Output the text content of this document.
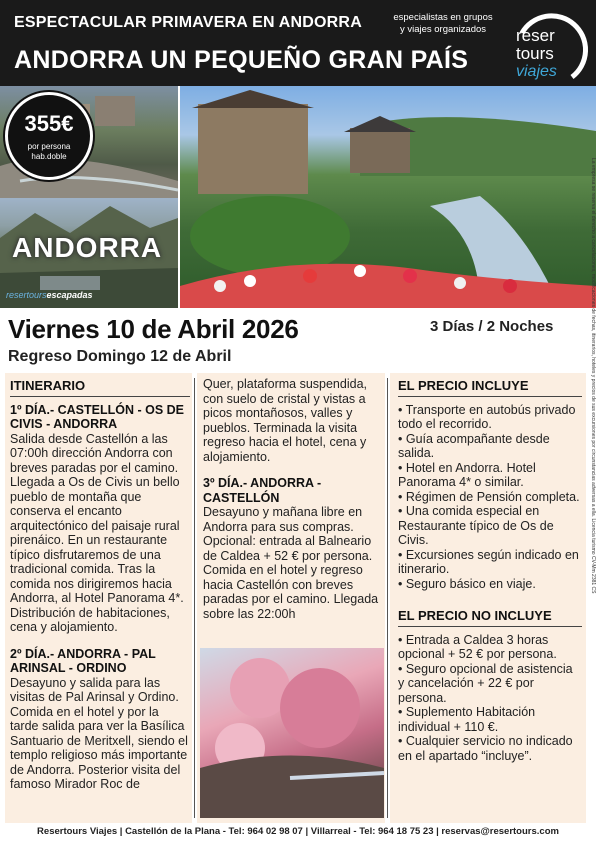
ESPECTACULAR PRIMAVERA EN ANDORRA
ANDORRA UN PEQUEÑO GRAN PAÍS
especialistas en grupos
y viajes organizados	reser
tours
viajes
355€
por persona
hab.doble
ANDORRA
resertoursescapadas
Viernes 10 de Abril 2026	3 Días / 2 Noches
Regreso Domingo 12 de Abril
ITINERARIO
1º DÍA.- CASTELLÓN - OS DE CIVIS - ANDORRA
Salida desde Castellón a las 07:00h dirección Andorra con breves paradas por el camino. Llegada a Os de Civis un bello pueblo de montaña que conserva el encanto arquitectónico del paisaje rural pirenáico. En un restaurante típico disfrutaremos de una tradicional comida. Tras la comida nos dirigiremos hacia Andorra, al Hotel Panorama 4*. Distribución de habitaciones, cena y alojamiento.
2º DÍA.- ANDORRA - PAL ARINSAL - ORDINO
Desayuno y salida para las visitas de Pal Arinsal y Ordino. Comida en el hotel y por la tarde salida para ver la Basílica Santuario de Meritxell, siendo el templo religioso más importante de Andorra. Posterior visita del famoso Mirador Roc de
Quer, plataforma suspendida, con suelo de cristal y vistas a picos montañosos, valles y pueblos. Terminada la visita regreso hacia el hotel, cena y alojamiento.
3º DÍA.- ANDORRA - CASTELLÓN
Desayuno y mañana libre en Andorra para sus compras. Opcional: entrada al Balneario de Caldea + 52 € por persona. Comida en el hotel y regreso hacia Castellón con breves paradas por el camino. Llegada sobre las 22:00h
EL PRECIO INCLUYE
• Transporte en autobús privado todo el recorrido.
• Guía acompañante desde salida.
• Hotel en Andorra. Hotel Panorama 4* o similar.
• Régimen de Pensión completa.
• Una comida especial en Restaurante típico de Os de Civis.
• Excursiones según indicado en itinerario.
• Seguro básico en viaje.
EL PRECIO NO INCLUYE
• Entrada a Caldea 3 horas opcional + 52 € por persona.
• Seguro opcional de asistencia y cancelación + 22 € por persona.
• Suplemento Habitación individual + 110 €.
• Cualquier servicio no indicado en el apartado “incluye”.
La empresa se reserva el derecho a cancelaciones, modificaciones de fechas, itinerarios, hoteles y precios de sus excursiones por circunstancias adversas a ella. Licencia turismo CV-Mm 2381 CS
Resertours Viajes | Castellón de la Plana - Tel: 964 02 98 07 | Villarreal - Tel: 964 18 75 23 | reservas@resertours.com
